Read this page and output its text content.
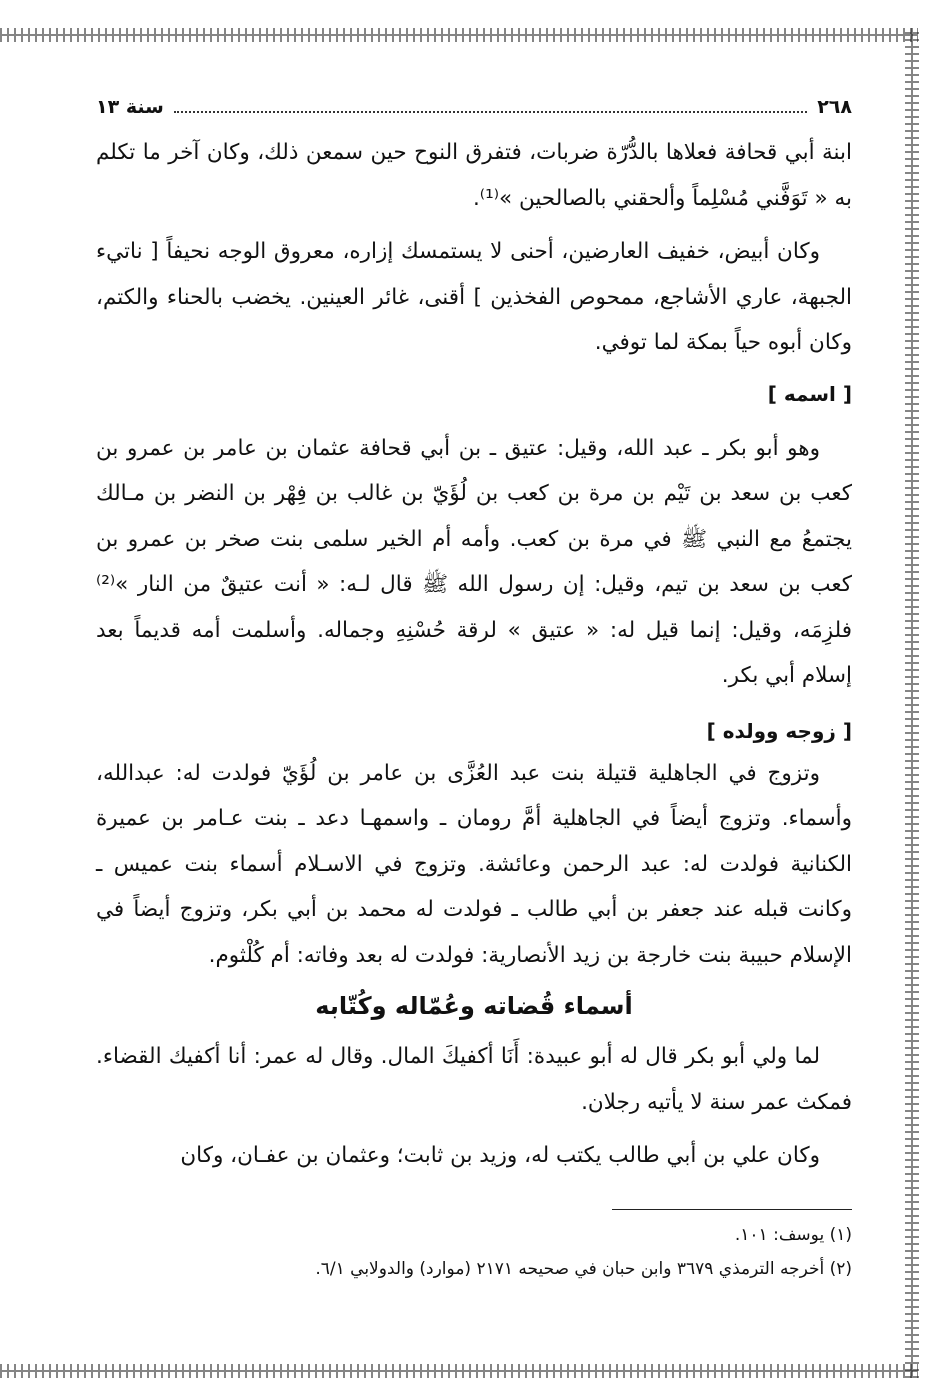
٢٦٨
سنة ١٣

ابنة أبي قحافة فعلاها بالدُّرّة ضربات، فتفرق النوح حين سمعن ذلك، وكان آخر ما تكلم به « تَوَفَّني مُسْلِماً وألحقني بالصالحين »⁽¹⁾.

وكان أبيض، خفيف العارضين، أحنى لا يستمسك إزاره، معروق الوجه نحيفاً [ ناتيء الجبهة، عاري الأشاجع، ممحوص الفخذين ] أقنى، غائر العينين. يخضب بالحناء والكتم، وكان أبوه حياً بمكة لما توفي.

[ اسمه ]

وهو أبو بكر ـ عبد الله، وقيل: عتيق ـ بن أبي قحافة عثمان بن عامر بن عمرو بن كعب بن سعد بن تَيْم بن مرة بن كعب بن لُؤَيّ بن غالب بن فِهْر بن النضر بن مـالك يجتمعُ مع النبي ﷺ في مرة بن كعب. وأمه أم الخير سلمى بنت صخر بن عمرو بن كعب بن سعد بن تيم، وقيل: إن رسول الله ﷺ قال لـه: « أنت عتيقٌ من النار »⁽²⁾ فلزِمَه، وقيل: إنما قيل له: « عتيق » لرقة حُسْنِهِ وجماله. وأسلمت أمه قديماً بعد إسلام أبي بكر.

[ زوجه وولده ]

وتزوج في الجاهلية قتيلة بنت عبد العُزَّى بن عامر بن لُؤَيّ فولدت له: عبدالله، وأسماء. وتزوج أيضاً في الجاهلية أمَّ رومان ـ واسمهـا دعد ـ بنت عـامر بن عميرة الكنانية فولدت له: عبد الرحمن وعائشة. وتزوج في الاسـلام أسماء بنت عميس ـ وكانت قبله عند جعفر بن أبي طالب ـ فولدت له محمد بن أبي بكر، وتزوج أيضاً في الإسلام حبيبة بنت خارجة بن زيد الأنصارية: فولدت له بعد وفاته: أم كُلْثوم.

أسماء قُضاته وعُمّاله وكُتّابه

لما ولي أبو بكر قال له أبو عبيدة: أَنَا أكفيكَ المال. وقال له عمر: أنا أكفيك القضاء. فمكث عمر سنة لا يأتيه رجلان.

وكان علي بن أبي طالب يكتب له، وزيد بن ثابت؛ وعثمان بن عفـان، وكان

(١) يوسف: ١٠١.

(٢) أخرجه الترمذي ٣٦٧٩ وابن حبان في صحيحه ٢١٧١ (موارد) والدولابي ٦/١.
